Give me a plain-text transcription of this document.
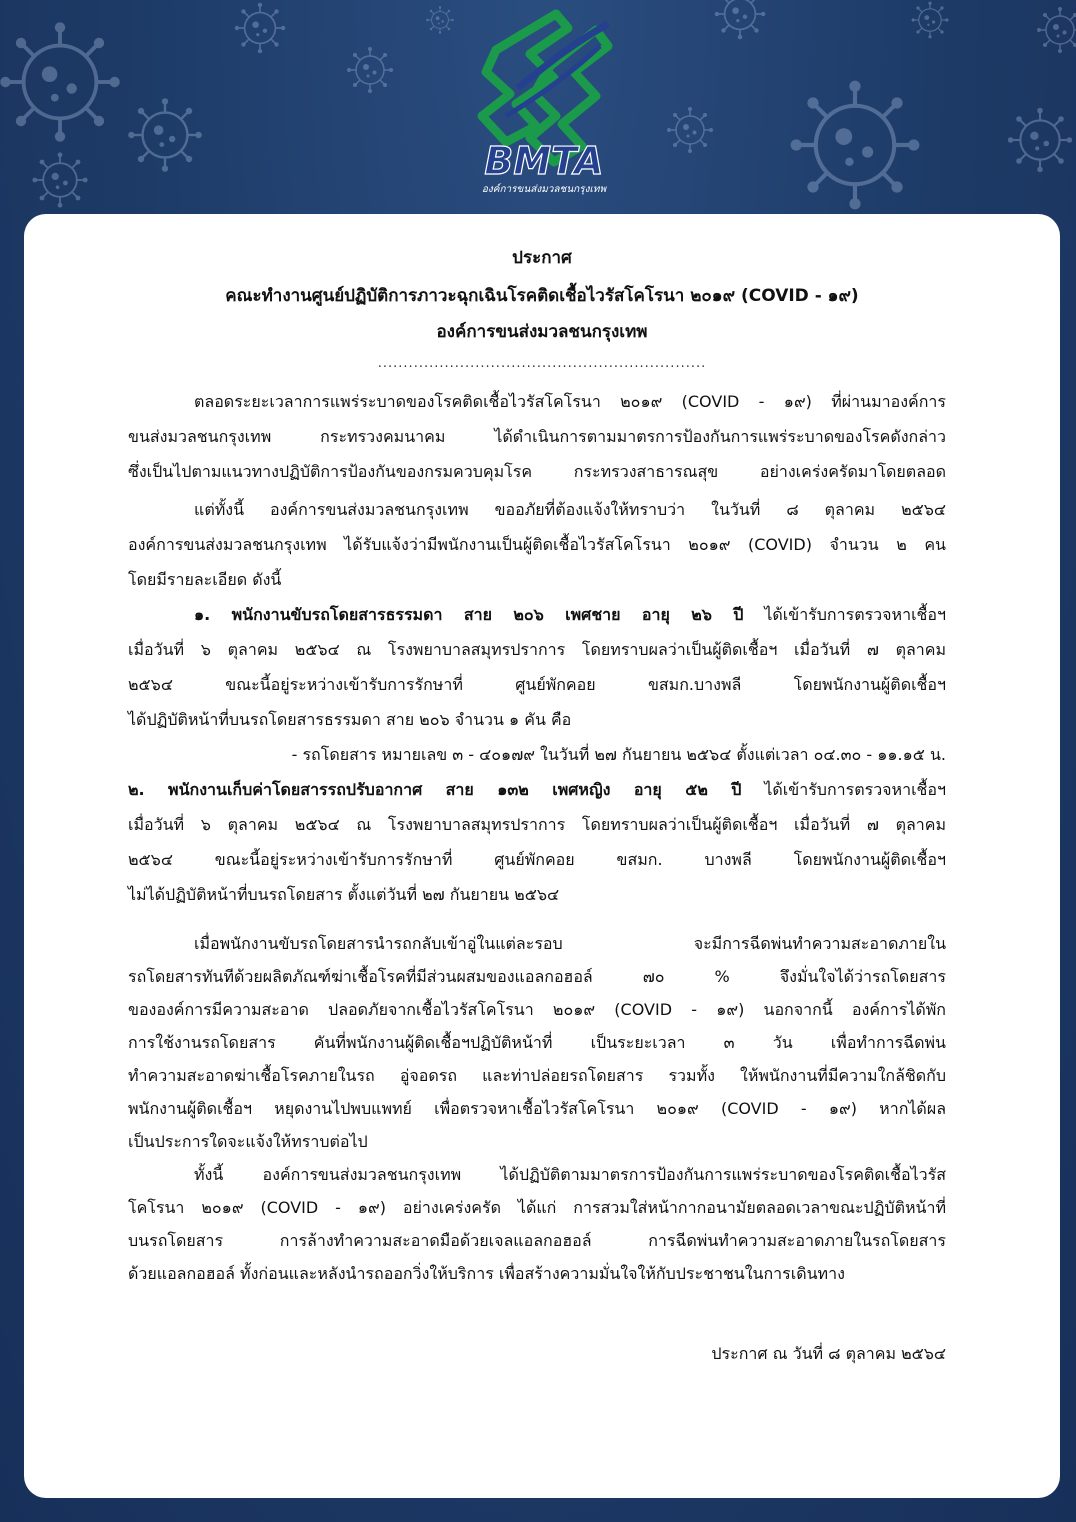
BMTA
องค์การขนส่งมวลชนกรุงเทพ
ประกาศ
คณะทำงานศูนย์ปฏิบัติการภาวะฉุกเฉินโรคติดเชื้อไวรัสโคโรนา ๒๐๑๙ (COVID - ๑๙)
องค์การขนส่งมวลชนกรุงเทพ
................................................................
ตลอดระยะเวลาการแพร่ระบาดของโรคติดเชื้อไวรัสโคโรนา ๒๐๑๙ (COVID - ๑๙) ที่ผ่านมาองค์การ
ขนส่งมวลชนกรุงเทพ กระทรวงคมนาคม ได้ดำเนินการตามมาตรการป้องกันการแพร่ระบาดของโรคดังกล่าว
ซึ่งเป็นไปตามแนวทางปฏิบัติการป้องกันของกรมควบคุมโรค กระทรวงสาธารณสุข อย่างเคร่งครัดมาโดยตลอด
แต่ทั้งนี้ องค์การขนส่งมวลชนกรุงเทพ ขออภัยที่ต้องแจ้งให้ทราบว่า ในวันที่ ๘ ตุลาคม ๒๕๖๔
องค์การขนส่งมวลชนกรุงเทพ ได้รับแจ้งว่ามีพนักงานเป็นผู้ติดเชื้อไวรัสโคโรนา ๒๐๑๙ (COVID) จำนวน ๒ คน
โดยมีรายละเอียด ดังนี้
๑. พนักงานขับรถโดยสารธรรมดา สาย ๒๐๖ เพศชาย อายุ ๒๖ ปี ได้เข้ารับการตรวจหาเชื้อฯ
เมื่อวันที่ ๖ ตุลาคม ๒๕๖๔ ณ โรงพยาบาลสมุทรปราการ โดยทราบผลว่าเป็นผู้ติดเชื้อฯ เมื่อวันที่ ๗ ตุลาคม
๒๕๖๔ ขณะนี้อยู่ระหว่างเข้ารับการรักษาที่ ศูนย์พักคอย ขสมก.บางพลี โดยพนักงานผู้ติดเชื้อฯ
ได้ปฏิบัติหน้าที่บนรถโดยสารธรรมดา สาย ๒๐๖ จำนวน ๑ คัน คือ
- รถโดยสาร หมายเลข ๓ - ๔๐๑๗๙ ในวันที่ ๒๗ กันยายน ๒๕๖๔ ตั้งแต่เวลา ๐๔.๓๐ - ๑๑.๑๕ น.
๒. พนักงานเก็บค่าโดยสารรถปรับอากาศ สาย ๑๓๒ เพศหญิง อายุ ๕๒ ปี ได้เข้ารับการตรวจหาเชื้อฯ
เมื่อวันที่ ๖ ตุลาคม ๒๕๖๔ ณ โรงพยาบาลสมุทรปราการ โดยทราบผลว่าเป็นผู้ติดเชื้อฯ เมื่อวันที่ ๗ ตุลาคม
๒๕๖๔ ขณะนี้อยู่ระหว่างเข้ารับการรักษาที่ ศูนย์พักคอย ขสมก. บางพลี โดยพนักงานผู้ติดเชื้อฯ
ไม่ได้ปฏิบัติหน้าที่บนรถโดยสาร ตั้งแต่วันที่ ๒๗ กันยายน ๒๕๖๔
เมื่อพนักงานขับรถโดยสารนำรถกลับเข้าอู่ในแต่ละรอบ จะมีการฉีดพ่นทำความสะอาดภายใน
รถโดยสารทันทีด้วยผลิตภัณฑ์ฆ่าเชื้อโรคที่มีส่วนผสมของแอลกอฮอล์ ๗๐ % จึงมั่นใจได้ว่ารถโดยสาร
ขององค์การมีความสะอาด ปลอดภัยจากเชื้อไวรัสโคโรนา ๒๐๑๙ (COVID - ๑๙) นอกจากนี้ องค์การได้พัก
การใช้งานรถโดยสาร คันที่พนักงานผู้ติดเชื้อฯปฏิบัติหน้าที่ เป็นระยะเวลา ๓ วัน เพื่อทำการฉีดพ่น
ทำความสะอาดฆ่าเชื้อโรคภายในรถ อู่จอดรถ และท่าปล่อยรถโดยสาร รวมทั้ง ให้พนักงานที่มีความใกล้ชิดกับ
พนักงานผู้ติดเชื้อฯ หยุดงานไปพบแพทย์ เพื่อตรวจหาเชื้อไวรัสโคโรนา ๒๐๑๙ (COVID - ๑๙) หากได้ผล
เป็นประการใดจะแจ้งให้ทราบต่อไป
ทั้งนี้ องค์การขนส่งมวลชนกรุงเทพ ได้ปฏิบัติตามมาตรการป้องกันการแพร่ระบาดของโรคติดเชื้อไวรัส
โคโรนา ๒๐๑๙ (COVID - ๑๙) อย่างเคร่งครัด ได้แก่ การสวมใส่หน้ากากอนามัยตลอดเวลาขณะปฏิบัติหน้าที่
บนรถโดยสาร การล้างทำความสะอาดมือด้วยเจลแอลกอฮอล์ การฉีดพ่นทำความสะอาดภายในรถโดยสาร
ด้วยแอลกอฮอล์ ทั้งก่อนและหลังนำรถออกวิ่งให้บริการ เพื่อสร้างความมั่นใจให้กับประชาชนในการเดินทาง
ประกาศ ณ วันที่ ๘ ตุลาคม ๒๕๖๔
